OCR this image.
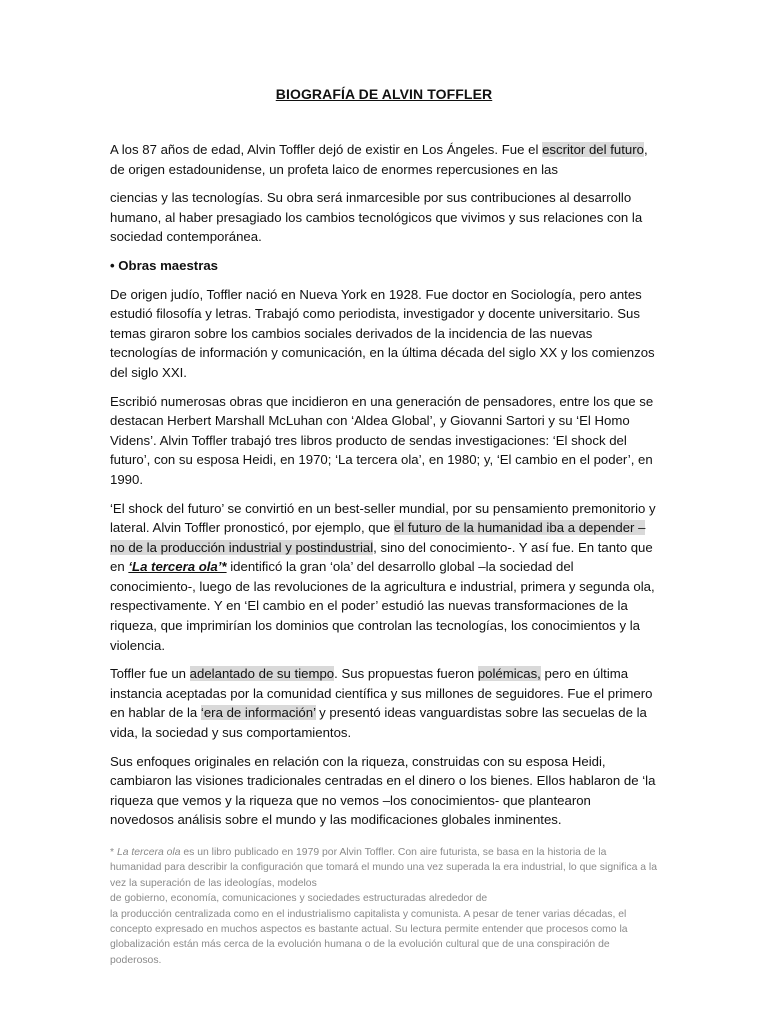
BIOGRAFÍA DE ALVIN TOFFLER

A los 87 años de edad, Alvin Toffler dejó de existir en Los Ángeles. Fue el escritor del futuro, de origen estadounidense, un profeta laico de enormes repercusiones en las

ciencias y las tecnologías. Su obra será inmarcesible por sus contribuciones al desarrollo humano, al haber presagiado los cambios tecnológicos que vivimos y sus relaciones con la sociedad contemporánea.

• Obras maestras

De origen judío, Toffler nació en Nueva York en 1928. Fue doctor en Sociología, pero antes estudió filosofía y letras. Trabajó como periodista, investigador y docente universitario. Sus temas giraron sobre los cambios sociales derivados de la incidencia de las nuevas tecnologías de información y comunicación, en la última década del siglo XX y los comienzos del siglo XXI.

Escribió numerosas obras que incidieron en una generación de pensadores, entre los que se destacan Herbert Marshall McLuhan con ‘Aldea Global’, y Giovanni Sartori y su ‘El Homo Videns’. Alvin Toffler trabajó tres libros producto de sendas investigaciones: ‘El shock del futuro’, con su esposa Heidi, en 1970; ‘La tercera ola’, en 1980; y, ‘El cambio en el poder’, en 1990.

‘El shock del futuro’ se convirtió en un best-seller mundial, por su pensamiento premonitorio y lateral. Alvin Toffler pronosticó, por ejemplo, que el futuro de la humanidad iba a depender –no de la producción industrial y postindustrial, sino del conocimiento-. Y así fue. En tanto que en ‘La tercera ola’* identificó la gran ‘ola’ del desarrollo global –la sociedad del conocimiento-, luego de las revoluciones de la agricultura e industrial, primera y segunda ola, respectivamente. Y en ‘El cambio en el poder’ estudió las nuevas transformaciones de la riqueza, que imprimirían los dominios que controlan las tecnologías, los conocimientos y la violencia.

Toffler fue un adelantado de su tiempo. Sus propuestas fueron polémicas, pero en última instancia aceptadas por la comunidad científica y sus millones de seguidores. Fue el primero en hablar de la ‘era de información’ y presentó ideas vanguardistas sobre las secuelas de la vida, la sociedad y sus comportamientos.

Sus enfoques originales en relación con la riqueza, construidas con su esposa Heidi, cambiaron las visiones tradicionales centradas en el dinero o los bienes. Ellos hablaron de ‘la riqueza que vemos y la riqueza que no vemos –los conocimientos- que plantearon novedosos análisis sobre el mundo y las modificaciones globales inminentes.

* La tercera ola es un libro publicado en 1979 por Alvin Toffler. Con aire futurista, se basa en la historia de la humanidad para describir la configuración que tomará el mundo una vez superada la era industrial, lo que significa a la vez la superación de las ideologías, modelos

de gobierno, economía, comunicaciones y sociedades estructuradas alrededor de

la producción centralizada como en el industrialismo capitalista y comunista. A pesar de tener varias décadas, el concepto expresado en muchos aspectos es bastante actual. Su lectura permite entender que procesos como la globalización están más cerca de la evolución humana o de la evolución cultural que de una conspiración de poderosos.
